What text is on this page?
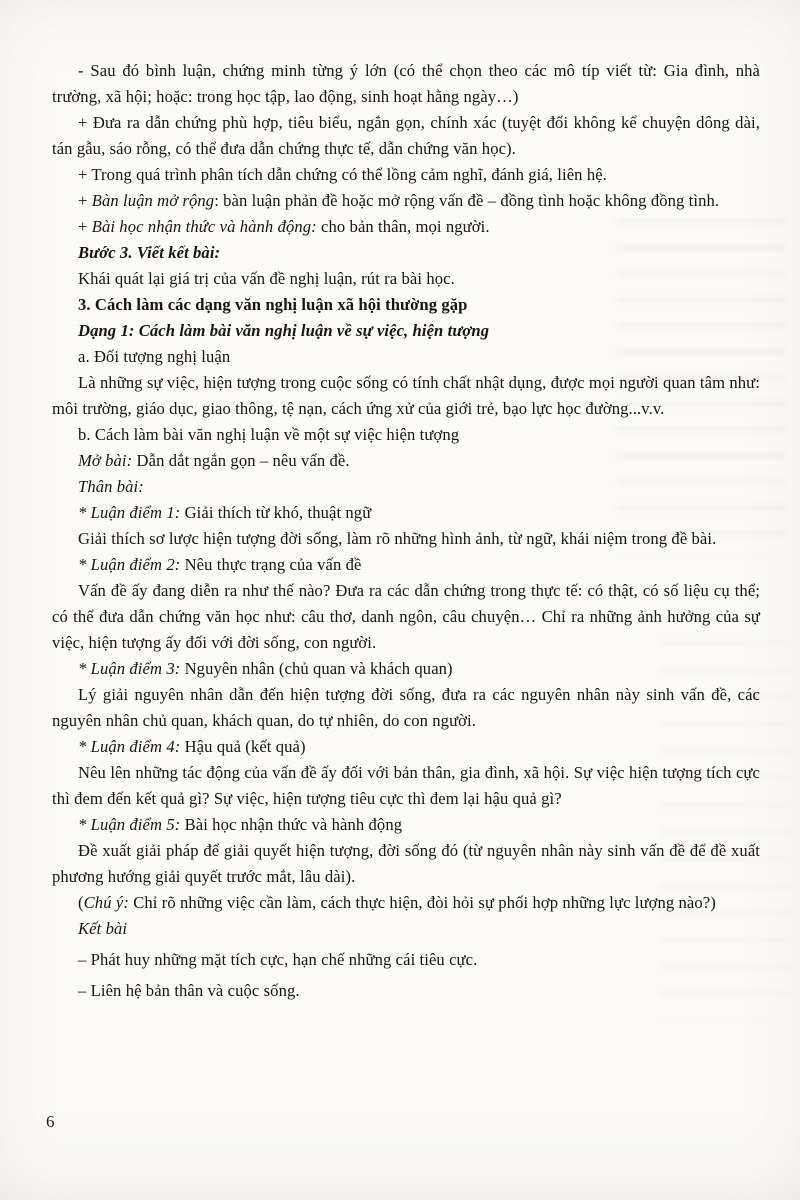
- Sau đó bình luận, chứng minh từng ý lớn (có thể chọn theo các mô típ viết từ: Gia đình, nhà trường, xã hội; hoặc: trong học tập, lao động, sinh hoạt hằng ngày…)

+ Đưa ra dẫn chứng phù hợp, tiêu biểu, ngắn gọn, chính xác (tuyệt đối không kể chuyện dông dài, tán gẫu, sáo rỗng, có thể đưa dẫn chứng thực tế, dẫn chứng văn học).

+ Trong quá trình phân tích dẫn chứng có thể lồng cảm nghĩ, đánh giá, liên hệ.

+ Bàn luận mở rộng: bàn luận phản đề hoặc mở rộng vấn đề – đồng tình hoặc không đồng tình.

+ Bài học nhận thức và hành động: cho bản thân, mọi người.

Bước 3. Viết kết bài:

Khái quát lại giá trị của vấn đề nghị luận, rút ra bài học.

3. Cách làm các dạng văn nghị luận xã hội thường gặp

Dạng 1: Cách làm bài văn nghị luận về sự việc, hiện tượng

a. Đối tượng nghị luận

Là những sự việc, hiện tượng trong cuộc sống có tính chất nhật dụng, được mọi người quan tâm như: môi trường, giáo dục, giao thông, tệ nạn, cách ứng xử của giới trẻ, bạo lực học đường...v.v.

b. Cách làm bài văn nghị luận về một sự việc hiện tượng

Mở bài: Dẫn dắt ngắn gọn – nêu vấn đề.

Thân bài:

* Luận điểm 1: Giải thích từ khó, thuật ngữ

Giải thích sơ lược hiện tượng đời sống, làm rõ những hình ảnh, từ ngữ, khái niệm trong đề bài.

* Luận điểm 2: Nêu thực trạng của vấn đề

Vấn đề ấy đang diễn ra như thế nào? Đưa ra các dẫn chứng trong thực tế: có thật, có số liệu cụ thể; có thể đưa dẫn chứng văn học như: câu thơ, danh ngôn, câu chuyện… Chỉ ra những ảnh hưởng của sự việc, hiện tượng ấy đối với đời sống, con người.

* Luận điểm 3: Nguyên nhân (chủ quan và khách quan)

Lý giải nguyên nhân dẫn đến hiện tượng đời sống, đưa ra các nguyên nhân này sinh vấn đề, các nguyên nhân chủ quan, khách quan, do tự nhiên, do con người.

* Luận điểm 4: Hậu quả (kết quả)

Nêu lên những tác động của vấn đề ấy đối với bản thân, gia đình, xã hội. Sự việc hiện tượng tích cực thì đem đến kết quả gì? Sự việc, hiện tượng tiêu cực thì đem lại hậu quả gì?

* Luận điểm 5: Bài học nhận thức và hành động

Đề xuất giải pháp để giải quyết hiện tượng, đời sống đó (từ nguyên nhân này sinh vấn đề để đề xuất phương hướng giải quyết trước mắt, lâu dài).

(Chú ý: Chỉ rõ những việc cần làm, cách thực hiện, đòi hỏi sự phối hợp những lực lượng nào?)

Kết bài

– Phát huy những mặt tích cực, hạn chế những cái tiêu cực.

– Liên hệ bản thân và cuộc sống.

6
